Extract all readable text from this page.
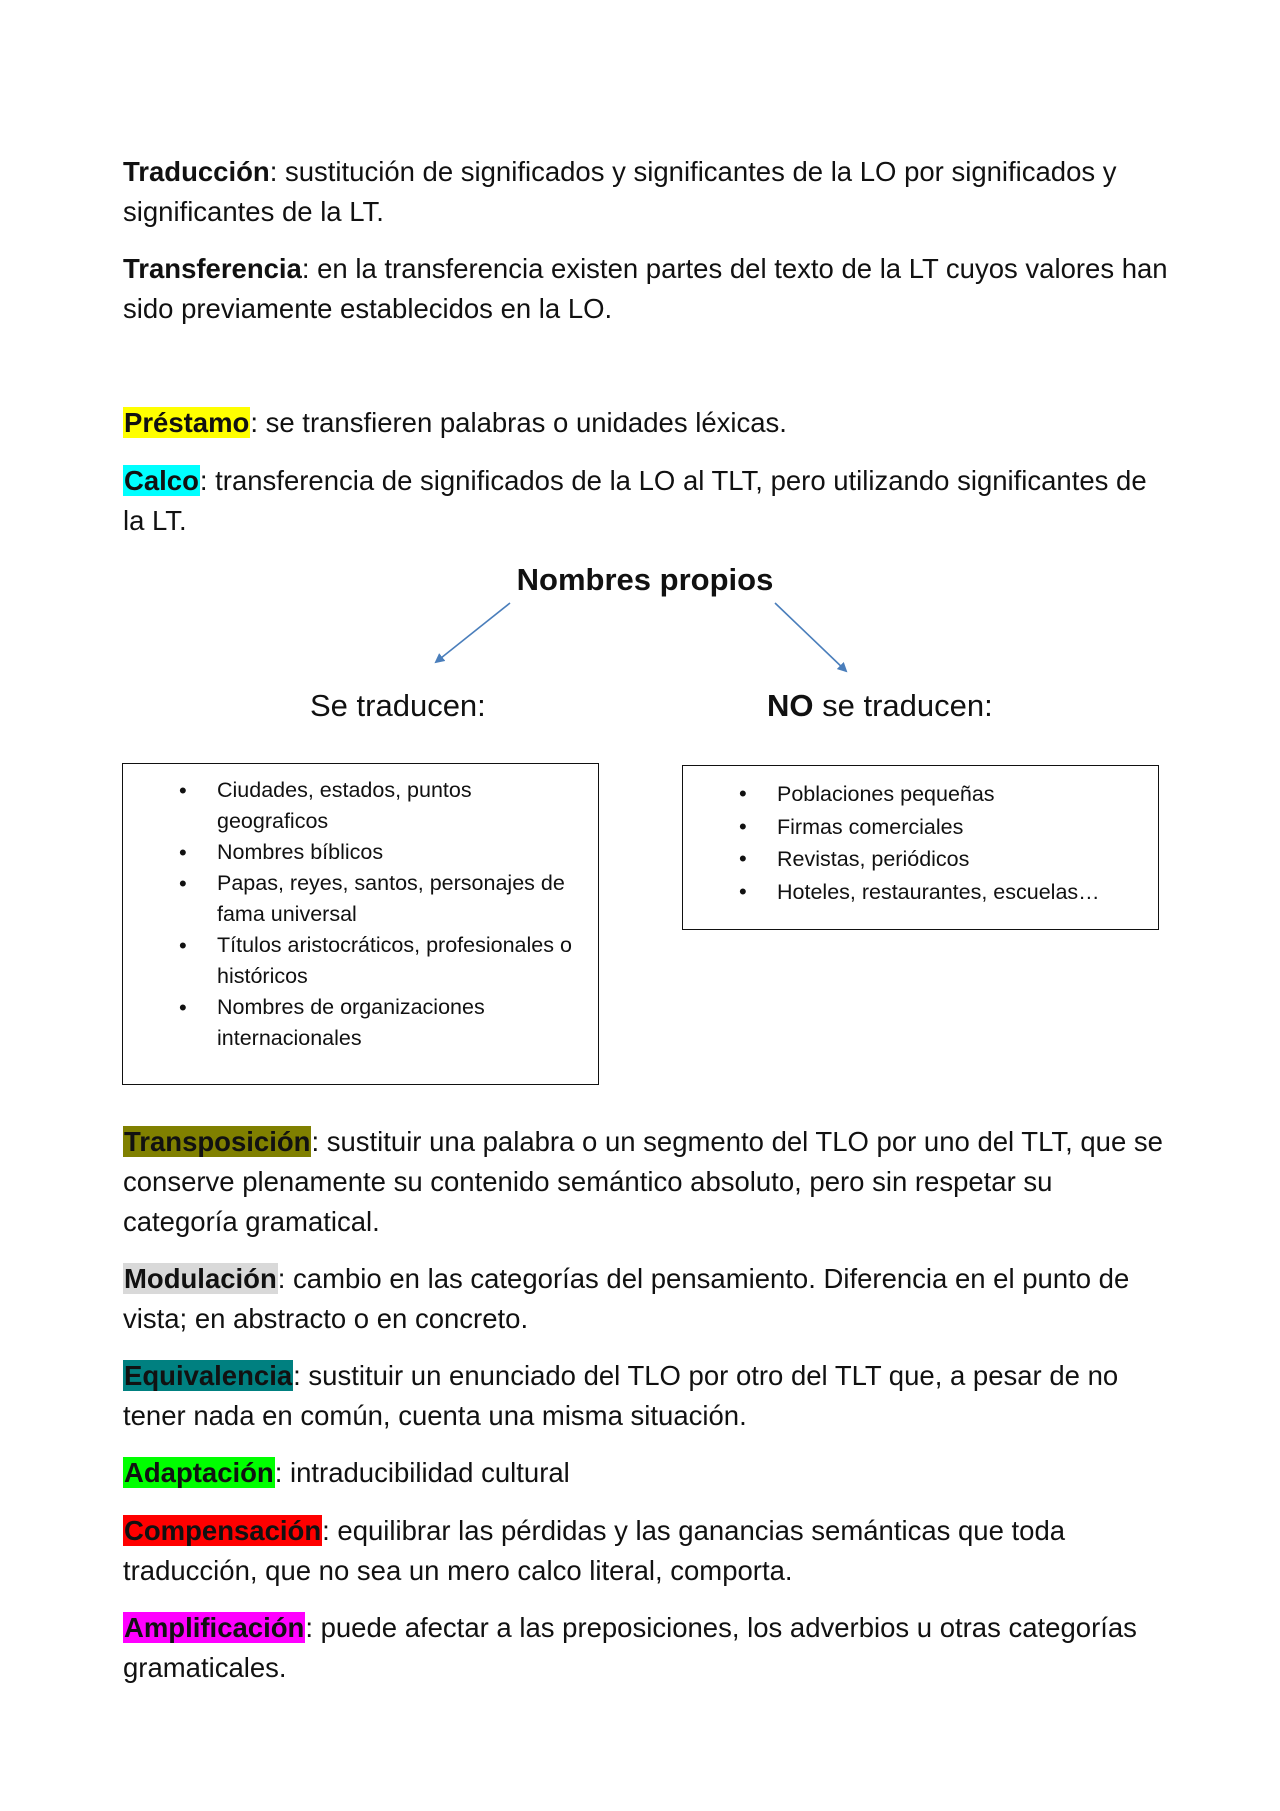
Traducción: sustitución de significados y significantes de la LO por significados y significantes de la LT.

Transferencia: en la transferencia existen partes del texto de la LT cuyos valores han sido previamente establecidos en la LO.

Préstamo: se transfieren palabras o unidades léxicas.

Calco: transferencia de significados de la LO al TLT, pero utilizando significantes de la LT.

Nombres propios
Se traducen:	NO se traducen:
• Ciudades, estados, puntos geograficos
• Nombres bíblicos
• Papas, reyes, santos, personajes de fama universal
• Títulos aristocráticos, profesionales o históricos
• Nombres de organizaciones internacionales
• Poblaciones pequeñas
• Firmas comerciales
• Revistas, periódicos
• Hoteles, restaurantes, escuelas…

Transposición: sustituir una palabra o un segmento del TLO por uno del TLT, que se conserve plenamente su contenido semántico absoluto, pero sin respetar su categoría gramatical.

Modulación: cambio en las categorías del pensamiento. Diferencia en el punto de vista; en abstracto o en concreto.

Equivalencia: sustituir un enunciado del TLO por otro del TLT que, a pesar de no tener nada en común, cuenta una misma situación.

Adaptación: intraducibilidad cultural

Compensación: equilibrar las pérdidas y las ganancias semánticas que toda traducción, que no sea un mero calco literal, comporta.

Amplificación: puede afectar a las preposiciones, los adverbios u otras categorías gramaticales.
